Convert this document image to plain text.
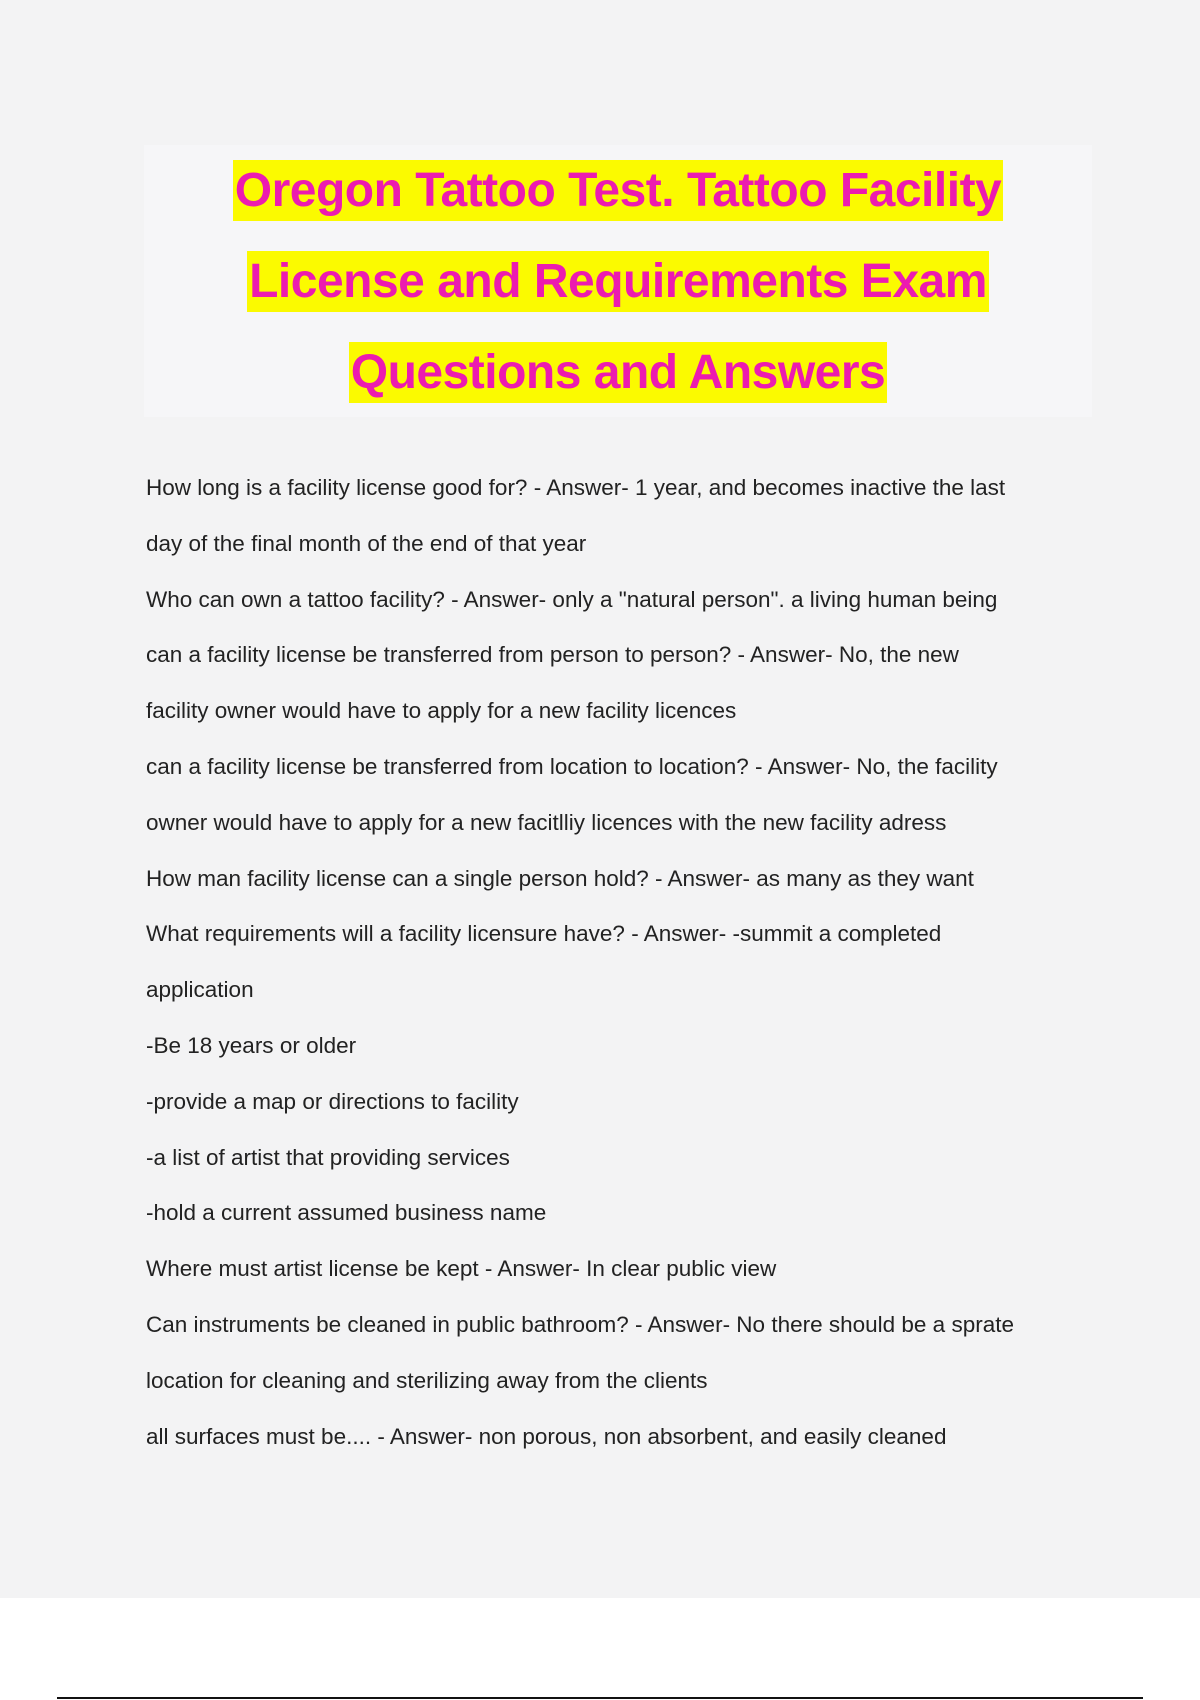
Oregon Tattoo Test. Tattoo Facility
License and Requirements Exam
Questions and Answers

How long is a facility license good for? - Answer- 1 year, and becomes inactive the last

day of the final month of the end of that year

Who can own a tattoo facility? - Answer- only a "natural person". a living human being

can a facility license be transferred from person to person? - Answer- No, the new

facility owner would have to apply for a new facility licences

can a facility license be transferred from location to location? - Answer- No, the facility

owner would have to apply for a new facitlliy licences with the new facility adress

How man facility license can a single person hold? - Answer- as many as they want

What requirements will a facility licensure have? - Answer- -summit a completed

application

-Be 18 years or older

-provide a map or directions to facility

-a list of artist that providing services

-hold a current assumed business name

Where must artist license be kept - Answer- In clear public view

Can instruments be cleaned in public bathroom? - Answer- No there should be a sprate

location for cleaning and sterilizing away from the clients

all surfaces must be.... - Answer- non porous, non absorbent, and easily cleaned
